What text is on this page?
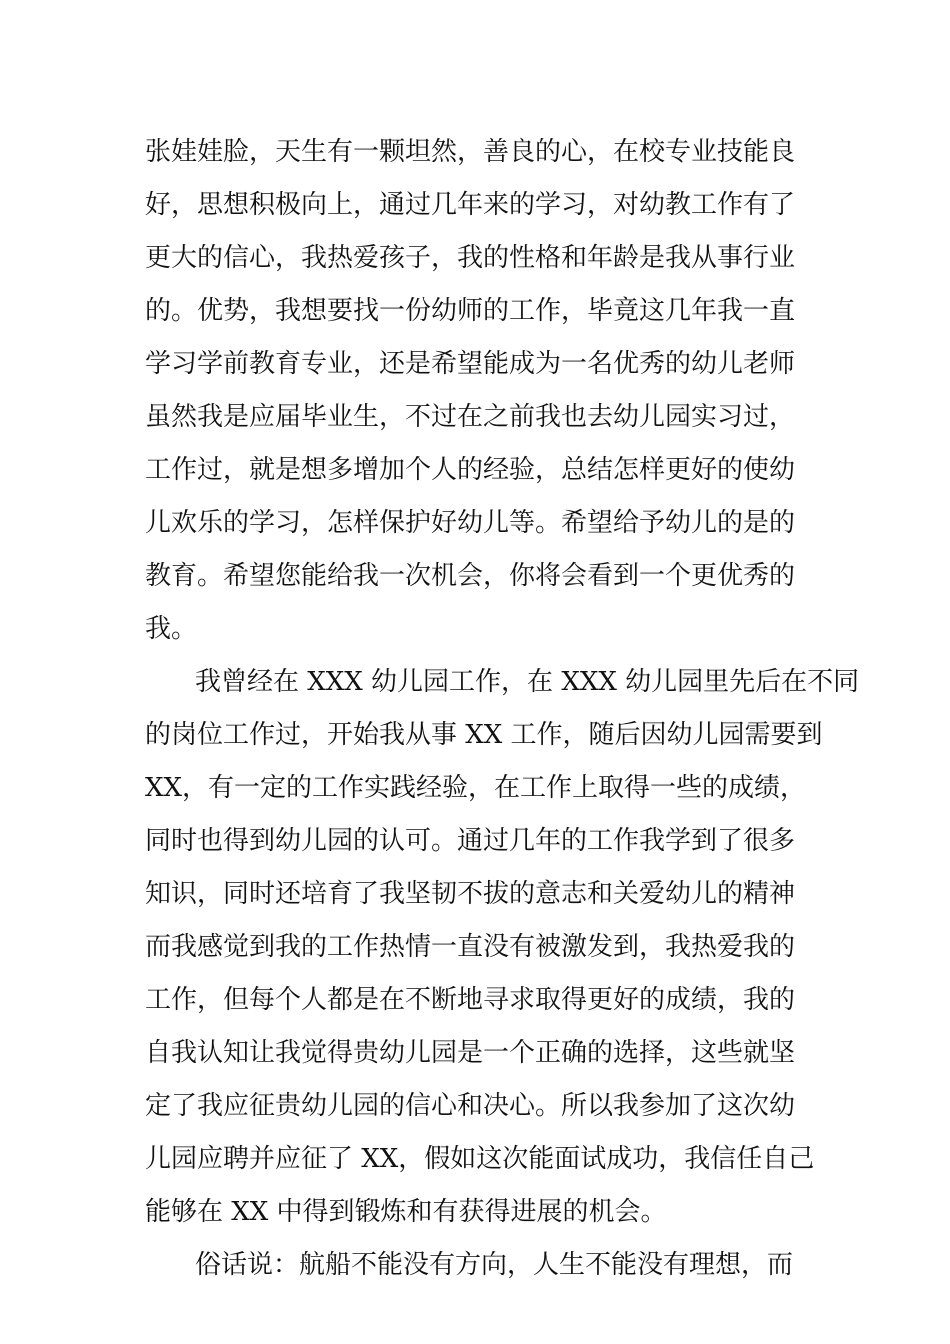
张娃娃脸，天生有一颗坦然，善良的心，在校专业技能良
好，思想积极向上，通过几年来的学习，对幼教工作有了
更大的信心，我热爱孩子，我的性格和年龄是我从事行业
的。优势，我想要找一份幼师的工作，毕竟这几年我一直
学习学前教育专业，还是希望能成为一名优秀的幼儿老师
虽然我是应届毕业生，不过在之前我也去幼儿园实习过，
工作过，就是想多增加个人的经验，总结怎样更好的使幼
儿欢乐的学习，怎样保护好幼儿等。希望给予幼儿的是的
教育。希望您能给我一次机会，你将会看到一个更优秀的
我。
我曾经在 XXX 幼儿园工作，在 XXX 幼儿园里先后在不同
的岗位工作过，开始我从事 XX 工作，随后因幼儿园需要到
XX，有一定的工作实践经验，在工作上取得一些的成绩，
同时也得到幼儿园的认可。通过几年的工作我学到了很多
知识，同时还培育了我坚韧不拔的意志和关爱幼儿的精神
而我感觉到我的工作热情一直没有被激发到，我热爱我的
工作，但每个人都是在不断地寻求取得更好的成绩，我的
自我认知让我觉得贵幼儿园是一个正确的选择，这些就坚
定了我应征贵幼儿园的信心和决心。所以我参加了这次幼
儿园应聘并应征了 XX，假如这次能面试成功，我信任自己
能够在 XX 中得到锻炼和有获得进展的机会。
俗话说：航船不能没有方向，人生不能没有理想，而
